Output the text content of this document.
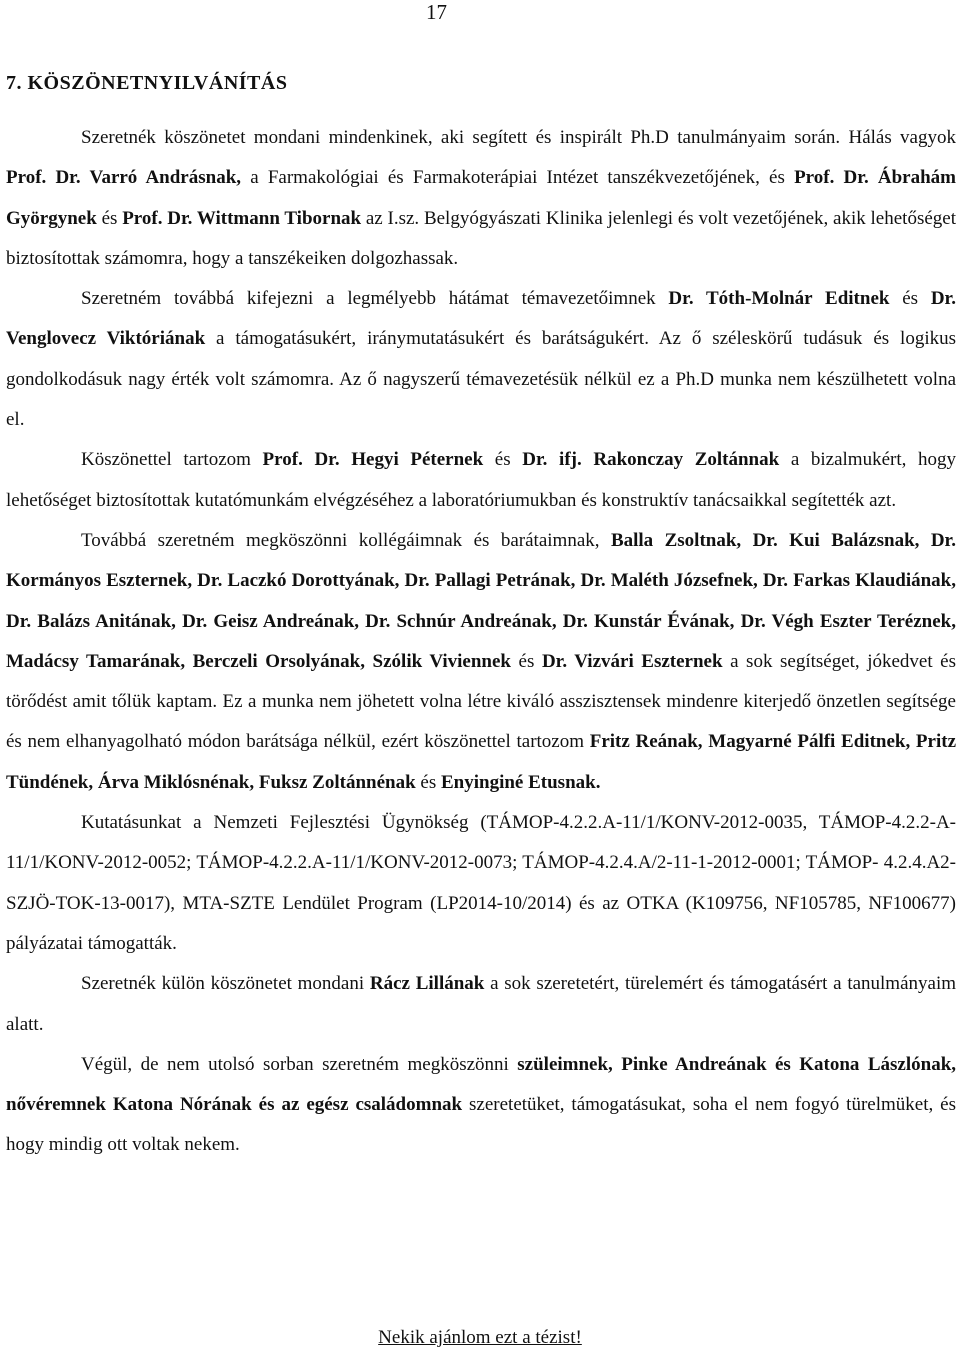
17
7. KÖSZÖNETNYILVÁNÍTÁS

Szeretnék köszönetet mondani mindenkinek, aki segített és inspirált Ph.D tanulmányaim során. Hálás vagyok Prof. Dr. Varró Andrásnak, a Farmakológiai és Farmakoterápiai Intézet tanszékvezetőjének, és Prof. Dr. Ábrahám Györgynek és Prof. Dr. Wittmann Tibornak az I.sz. Belgyógyászati Klinika jelenlegi és volt vezetőjének, akik lehetőséget biztosítottak számomra, hogy a tanszékeiken dolgozhassak.

Szeretném továbbá kifejezni a legmélyebb hátámat témavezetőimnek Dr. Tóth-Molnár Editnek és Dr. Venglovecz Viktóriának a támogatásukért, iránymutatásukért és barátságukért. Az ő széleskörű tudásuk és logikus gondolkodásuk nagy érték volt számomra. Az ő nagyszerű témavezetésük nélkül ez a Ph.D munka nem készülhetett volna el.

Köszönettel tartozom Prof. Dr. Hegyi Péternek és Dr. ifj. Rakonczay Zoltánnak a bizalmukért, hogy lehetőséget biztosítottak kutatómunkám elvégzéséhez a laboratóriumukban és konstruktív tanácsaikkal segítették azt.

Továbbá szeretném megköszönni kollégáimnak és barátaimnak, Balla Zsoltnak, Dr. Kui Balázsnak, Dr. Kormányos Eszternek, Dr. Laczkó Dorottyának, Dr. Pallagi Petrának, Dr. Maléth Józsefnek, Dr. Farkas Klaudiának, Dr. Balázs Anitának, Dr. Geisz Andreának, Dr. Schnúr Andreának, Dr. Kunstár Évának, Dr. Végh Eszter Teréznek, Madácsy Tamarának, Berczeli Orsolyának, Szólik Viviennek és Dr. Vizvári Eszternek a sok segítséget, jókedvet és törődést amit tőlük kaptam. Ez a munka nem jöhetett volna létre kiváló asszisztensek mindenre kiterjedő önzetlen segítsége és nem elhanyagolható módon barátsága nélkül, ezért köszönettel tartozom Fritz Reának, Magyarné Pálfi Editnek, Pritz Tündének, Árva Miklósnénak, Fuksz Zoltánnénak és Enyinginé Etusnak.

Kutatásunkat a Nemzeti Fejlesztési Ügynökség (TÁMOP-4.2.2.A-11/1/KONV-2012-0035, TÁMOP-4.2.2-A-11/1/KONV-2012-0052; TÁMOP-4.2.2.A-11/1/KONV-2012-0073; TÁMOP-4.2.4.A/2-11-1-2012-0001; TÁMOP- 4.2.4.A2-SZJÖ-TOK-13-0017), MTA-SZTE Lendület Program (LP2014-10/2014) és az OTKA (K109756, NF105785, NF100677) pályázatai támogatták.

Szeretnék külön köszönetet mondani Rácz Lillának a sok szeretetért, türelemért és támogatásért a tanulmányaim alatt.

Végül, de nem utolsó sorban szeretném megköszönni szüleimnek, Pinke Andreának és Katona Lászlónak, nővéremnek Katona Nórának és az egész családomnak szeretetüket, támogatásukat, soha el nem fogyó türelmüket, és hogy mindig ott voltak nekem.

Nekik ajánlom ezt a tézist!
